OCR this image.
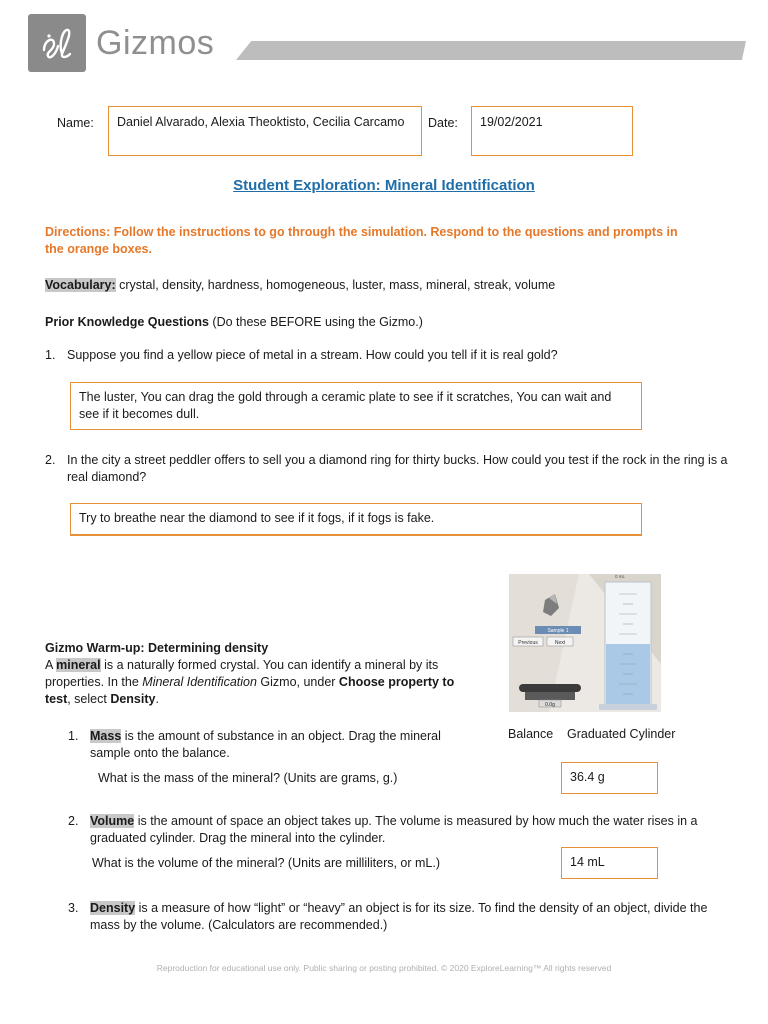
Gizmos
Name:	Daniel Alvarado, Alexia Theoktisto, Cecilia Carcamo	Date:	19/02/2021
Student Exploration: Mineral Identification
Directions: Follow the instructions to go through the simulation. Respond to the questions and prompts in the orange boxes.
Vocabulary: crystal, density, hardness, homogeneous, luster, mass, mineral, streak, volume
Prior Knowledge Questions (Do these BEFORE using the Gizmo.)
1. Suppose you find a yellow piece of metal in a stream. How could you tell if it is real gold?
The luster, You can drag the gold through a ceramic plate to see if it scratches, You can wait and see if it becomes dull.
2. In the city a street peddler offers to sell you a diamond ring for thirty bucks. How could you test if the rock in the ring is a real diamond?
Try to breathe near the diamond to see if it fogs, if it fogs is fake.
Sample 1
Previous	Next
0.0g
0 mL
Balance Graduated Cylinder
Gizmo Warm-up: Determining density
A mineral is a naturally formed crystal. You can identify a mineral by its properties. In the Mineral Identification Gizmo, under Choose property to test, select Density.
1. Mass is the amount of substance in an object. Drag the mineral sample onto the balance.
What is the mass of the mineral? (Units are grams, g.)	36.4 g
2. Volume is the amount of space an object takes up. The volume is measured by how much the water rises in a graduated cylinder. Drag the mineral into the cylinder.
What is the volume of the mineral? (Units are milliliters, or mL.)	14 mL
3. Density is a measure of how “light” or “heavy” an object is for its size. To find the density of an object, divide the mass by the volume. (Calculators are recommended.)
Reproduction for educational use only. Public sharing or posting prohibited. © 2020 ExploreLearning™ All rights reserved
